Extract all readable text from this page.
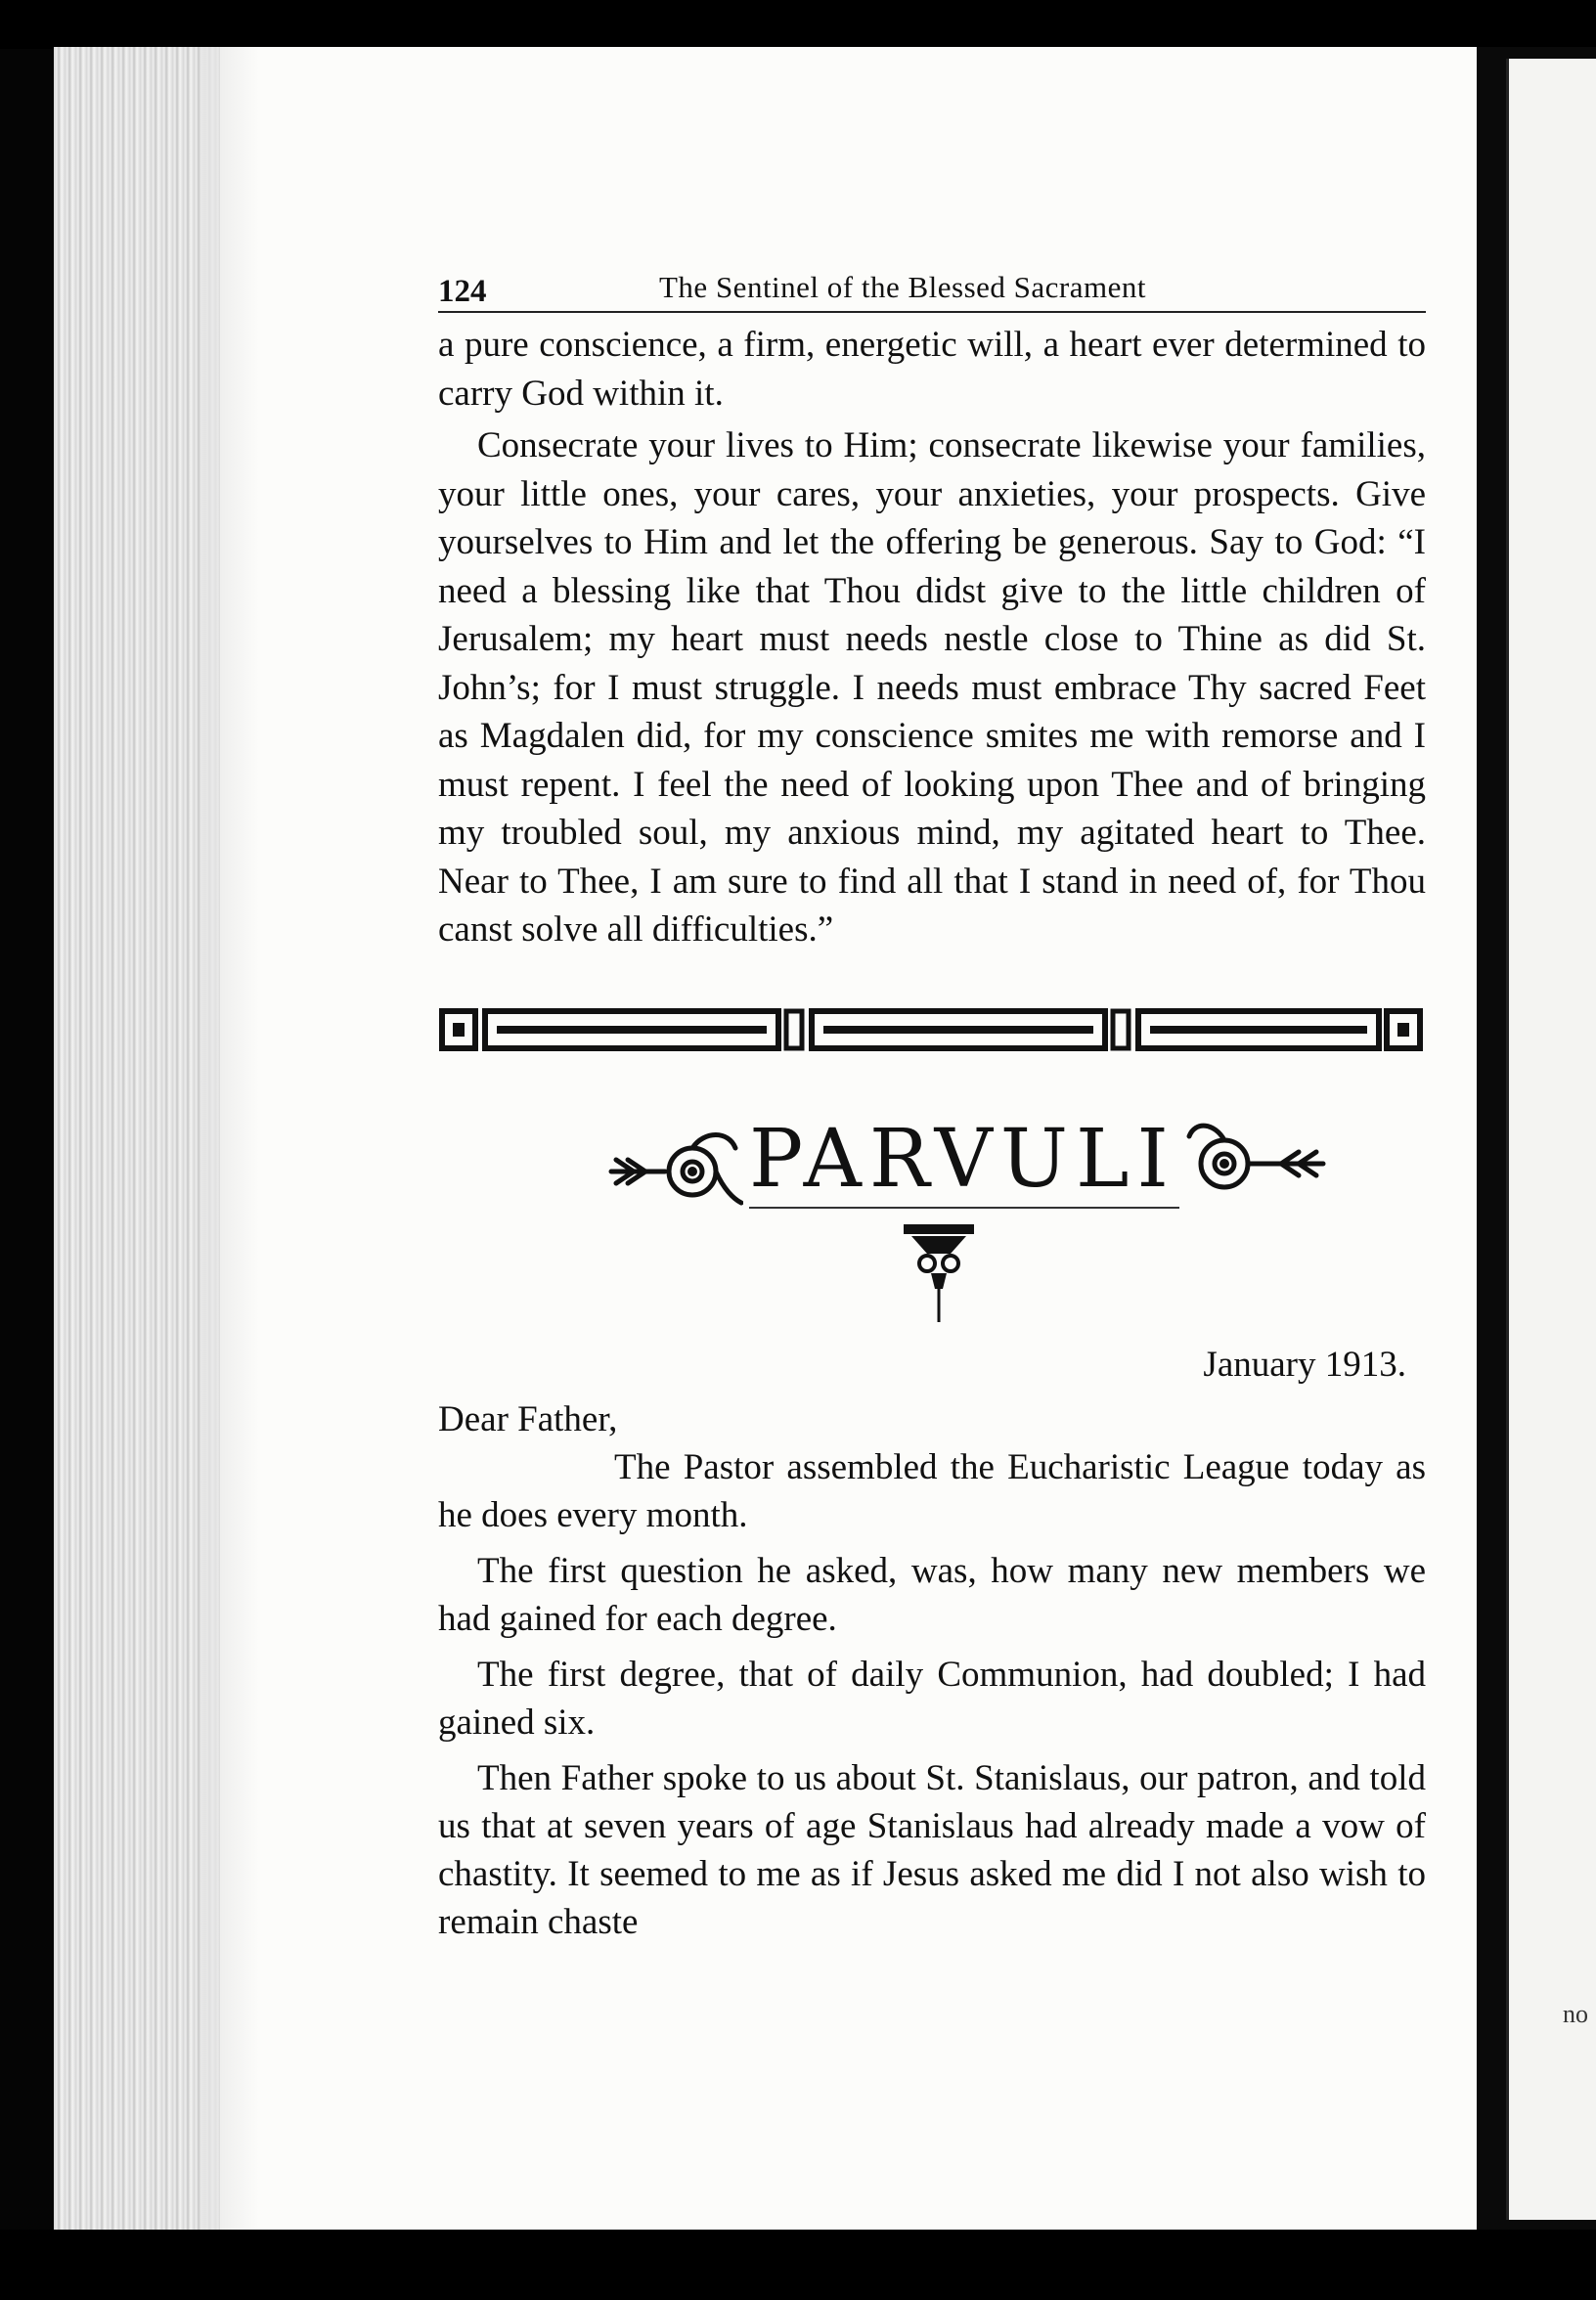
no
124	The Sentinel of the Blessed Sacrament

a pure conscience, a firm, energetic will, a heart ever determined to carry God within it.

Consecrate your lives to Him; consecrate likewise your families, your little ones, your cares, your anxieties, your prospects. Give yourselves to Him and let the offering be generous. Say to God: “I need a blessing like that Thou didst give to the little children of Jerusalem; my heart must needs nestle close to Thine as did St. John’s; for I must struggle. I needs must embrace Thy sacred Feet as Magdalen did, for my conscience smites me with remorse and I must repent. I feel the need of looking upon Thee and of bringing my troubled soul, my anxious mind, my agitated heart to Thee. Near to Thee, I am sure to find all that I stand in need of, for Thou canst solve all difficulties.”

PARVULI
January 1913.

Dear Father,

The Pastor assembled the Eucharistic League today as he does every month.

The first question he asked, was, how many new members we had gained for each degree.

The first degree, that of daily Communion, had doubled; I had gained six.

Then Father spoke to us about St. Stanislaus, our patron, and told us that at seven years of age Stanislaus had already made a vow of chastity. It seemed to me as if Jesus asked me did I not also wish to remain chaste
